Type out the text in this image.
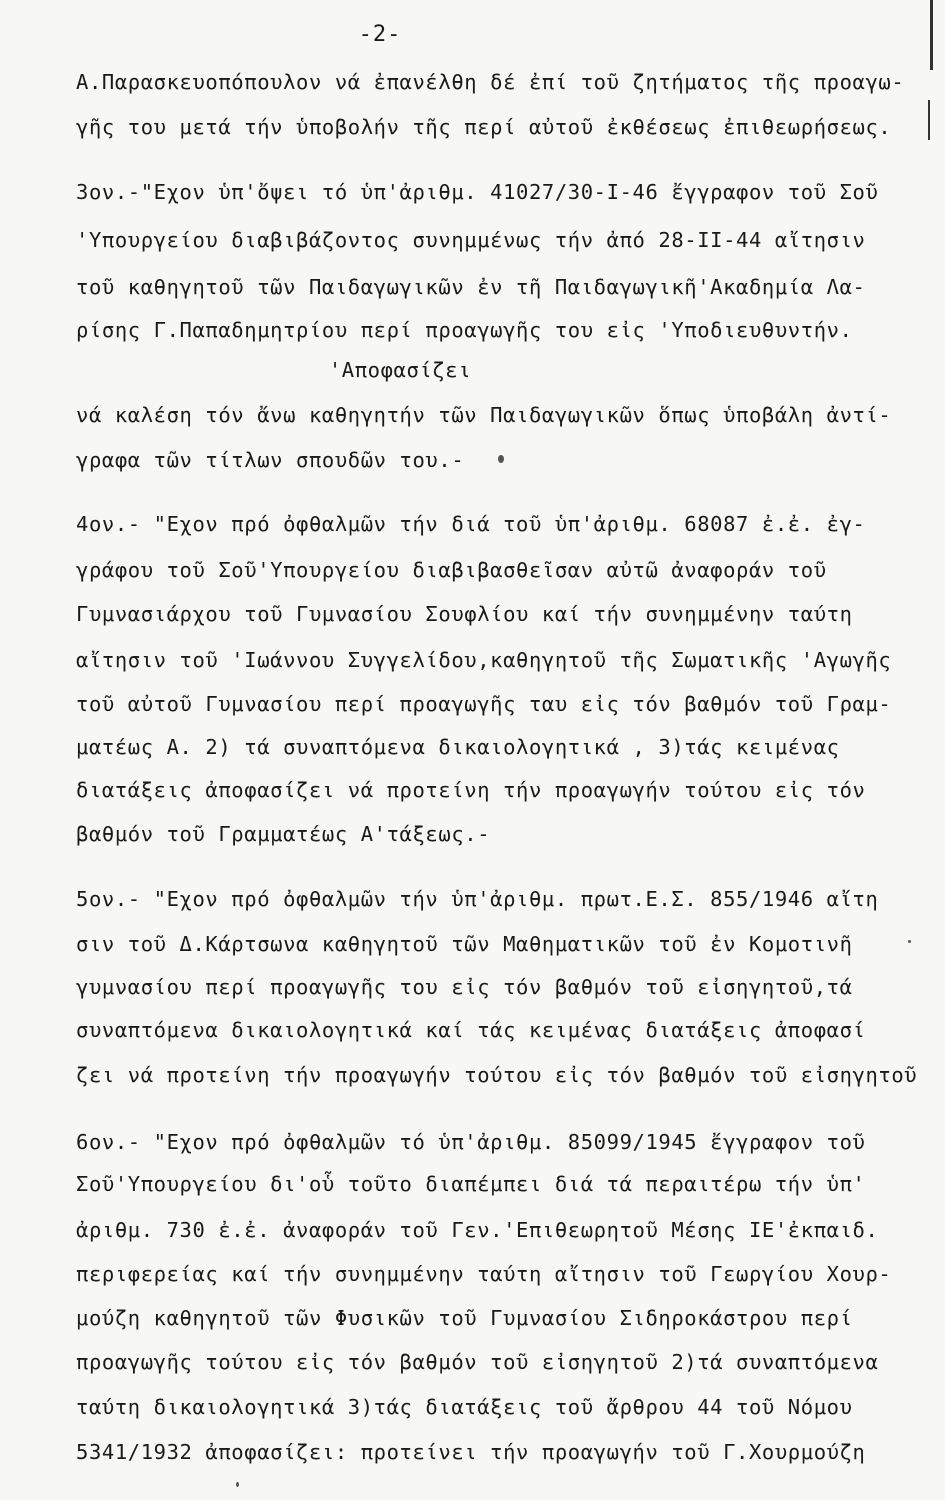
-2-
Α.Παρασκευοπόπουλον νά ἐπανέλθη δέ ἐπί τοῦ ζητήματος τῆς προαγω-
γῆς του μετά τήν ὑποβολήν τῆς περί αὐτοῦ ἐκθέσεως ἐπιθεωρήσεως.
3ον.-"Εχον ὑπ'ὄψει τό ὑπ'ἀριθμ. 41027/30-I-46 ἔγγραφον τοῦ Σοῦ
'Υπουργείου διαβιβάζοντος συνημμένως τήν ἀπό 28-II-44 αἴτησιν
τοῦ καθηγητοῦ τῶν Παιδαγωγικῶν ἐν τῆ Παιδαγωγικῆ'Ακαδημία Λα-
ρίσης Γ.Παπαδημητρίου περί προαγωγῆς του εἰς 'Υποδιευθυντήν.
'Αποφασίζει
νά καλέση τόν ἄνω καθηγητήν τῶν Παιδαγωγικῶν ὅπως ὑποβάλη ἀντί-
γραφα τῶν τίτλων σπουδῶν του.-
4ον.- "Εχον πρό ὀφθαλμῶν τήν διά τοῦ ὑπ'ἀριθμ. 68087 ἐ.ἐ. ἐγ-
γράφου τοῦ Σοῦ'Υπουργείου διαβιβασθεῖσαν αὐτῶ ἀναφοράν τοῦ
Γυμνασιάρχου τοῦ Γυμνασίου Σουφλίου καί τήν συνημμένην ταύτη
αἴτησιν τοῦ 'Ιωάννου Συγγελίδου,καθηγητοῦ τῆς Σωματικῆς 'Αγωγῆς
τοῦ αὐτοῦ Γυμνασίου περί προαγωγῆς ταυ εἰς τόν βαθμόν τοῦ Γραμ-
ματέως Α. 2) τά συναπτόμενα δικαιολογητικά , 3)τάς κειμένας
διατάξεις ἀποφασίζει νά προτείνη τήν προαγωγήν τούτου εἰς τόν
βαθμόν τοῦ Γραμματέως Α'τάξεως.-
5ον.- "Εχον πρό ὀφθαλμῶν τήν ὑπ'ἀριθμ. πρωτ.Ε.Σ. 855/1946 αἴτη
σιν τοῦ Δ.Κάρτσωνα καθηγητοῦ τῶν Μαθηματικῶν τοῦ ἐν Κομοτινῆ
γυμνασίου περί προαγωγῆς του εἰς τόν βαθμόν τοῦ εἰσηγητοῦ,τά
συναπτόμενα δικαιολογητικά καί τάς κειμένας διατάξεις ἀποφασί
ζει νά προτείνη τήν προαγωγήν τούτου εἰς τόν βαθμόν τοῦ εἰσηγητοῦ
6ον.- "Εχον πρό ὀφθαλμῶν τό ὑπ'ἀριθμ. 85099/1945 ἔγγραφον τοῦ
Σοῦ'Υπουργείου δι'οὗ τοῦτο διαπέμπει διά τά περαιτέρω τήν ὑπ'
ἀριθμ. 730 ἐ.ἐ. ἀναφοράν τοῦ Γεν.'Επιθεωρητοῦ Μέσης ΙΕ'ἐκπαιδ.
περιφερείας καί τήν συνημμένην ταύτη αἴτησιν τοῦ Γεωργίου Χουρ-
μούζη καθηγητοῦ τῶν Φυσικῶν τοῦ Γυμνασίου Σιδηροκάστρου περί
προαγωγῆς τούτου εἰς τόν βαθμόν τοῦ εἰσηγητοῦ 2)τά συναπτόμενα
ταύτη δικαιολογητικά 3)τάς διατάξεις τοῦ ἄρθρου 44 τοῦ Νόμου
5341/1932 ἀποφασίζει: προτείνει τήν προαγωγήν τοῦ Γ.Χουρμούζη
